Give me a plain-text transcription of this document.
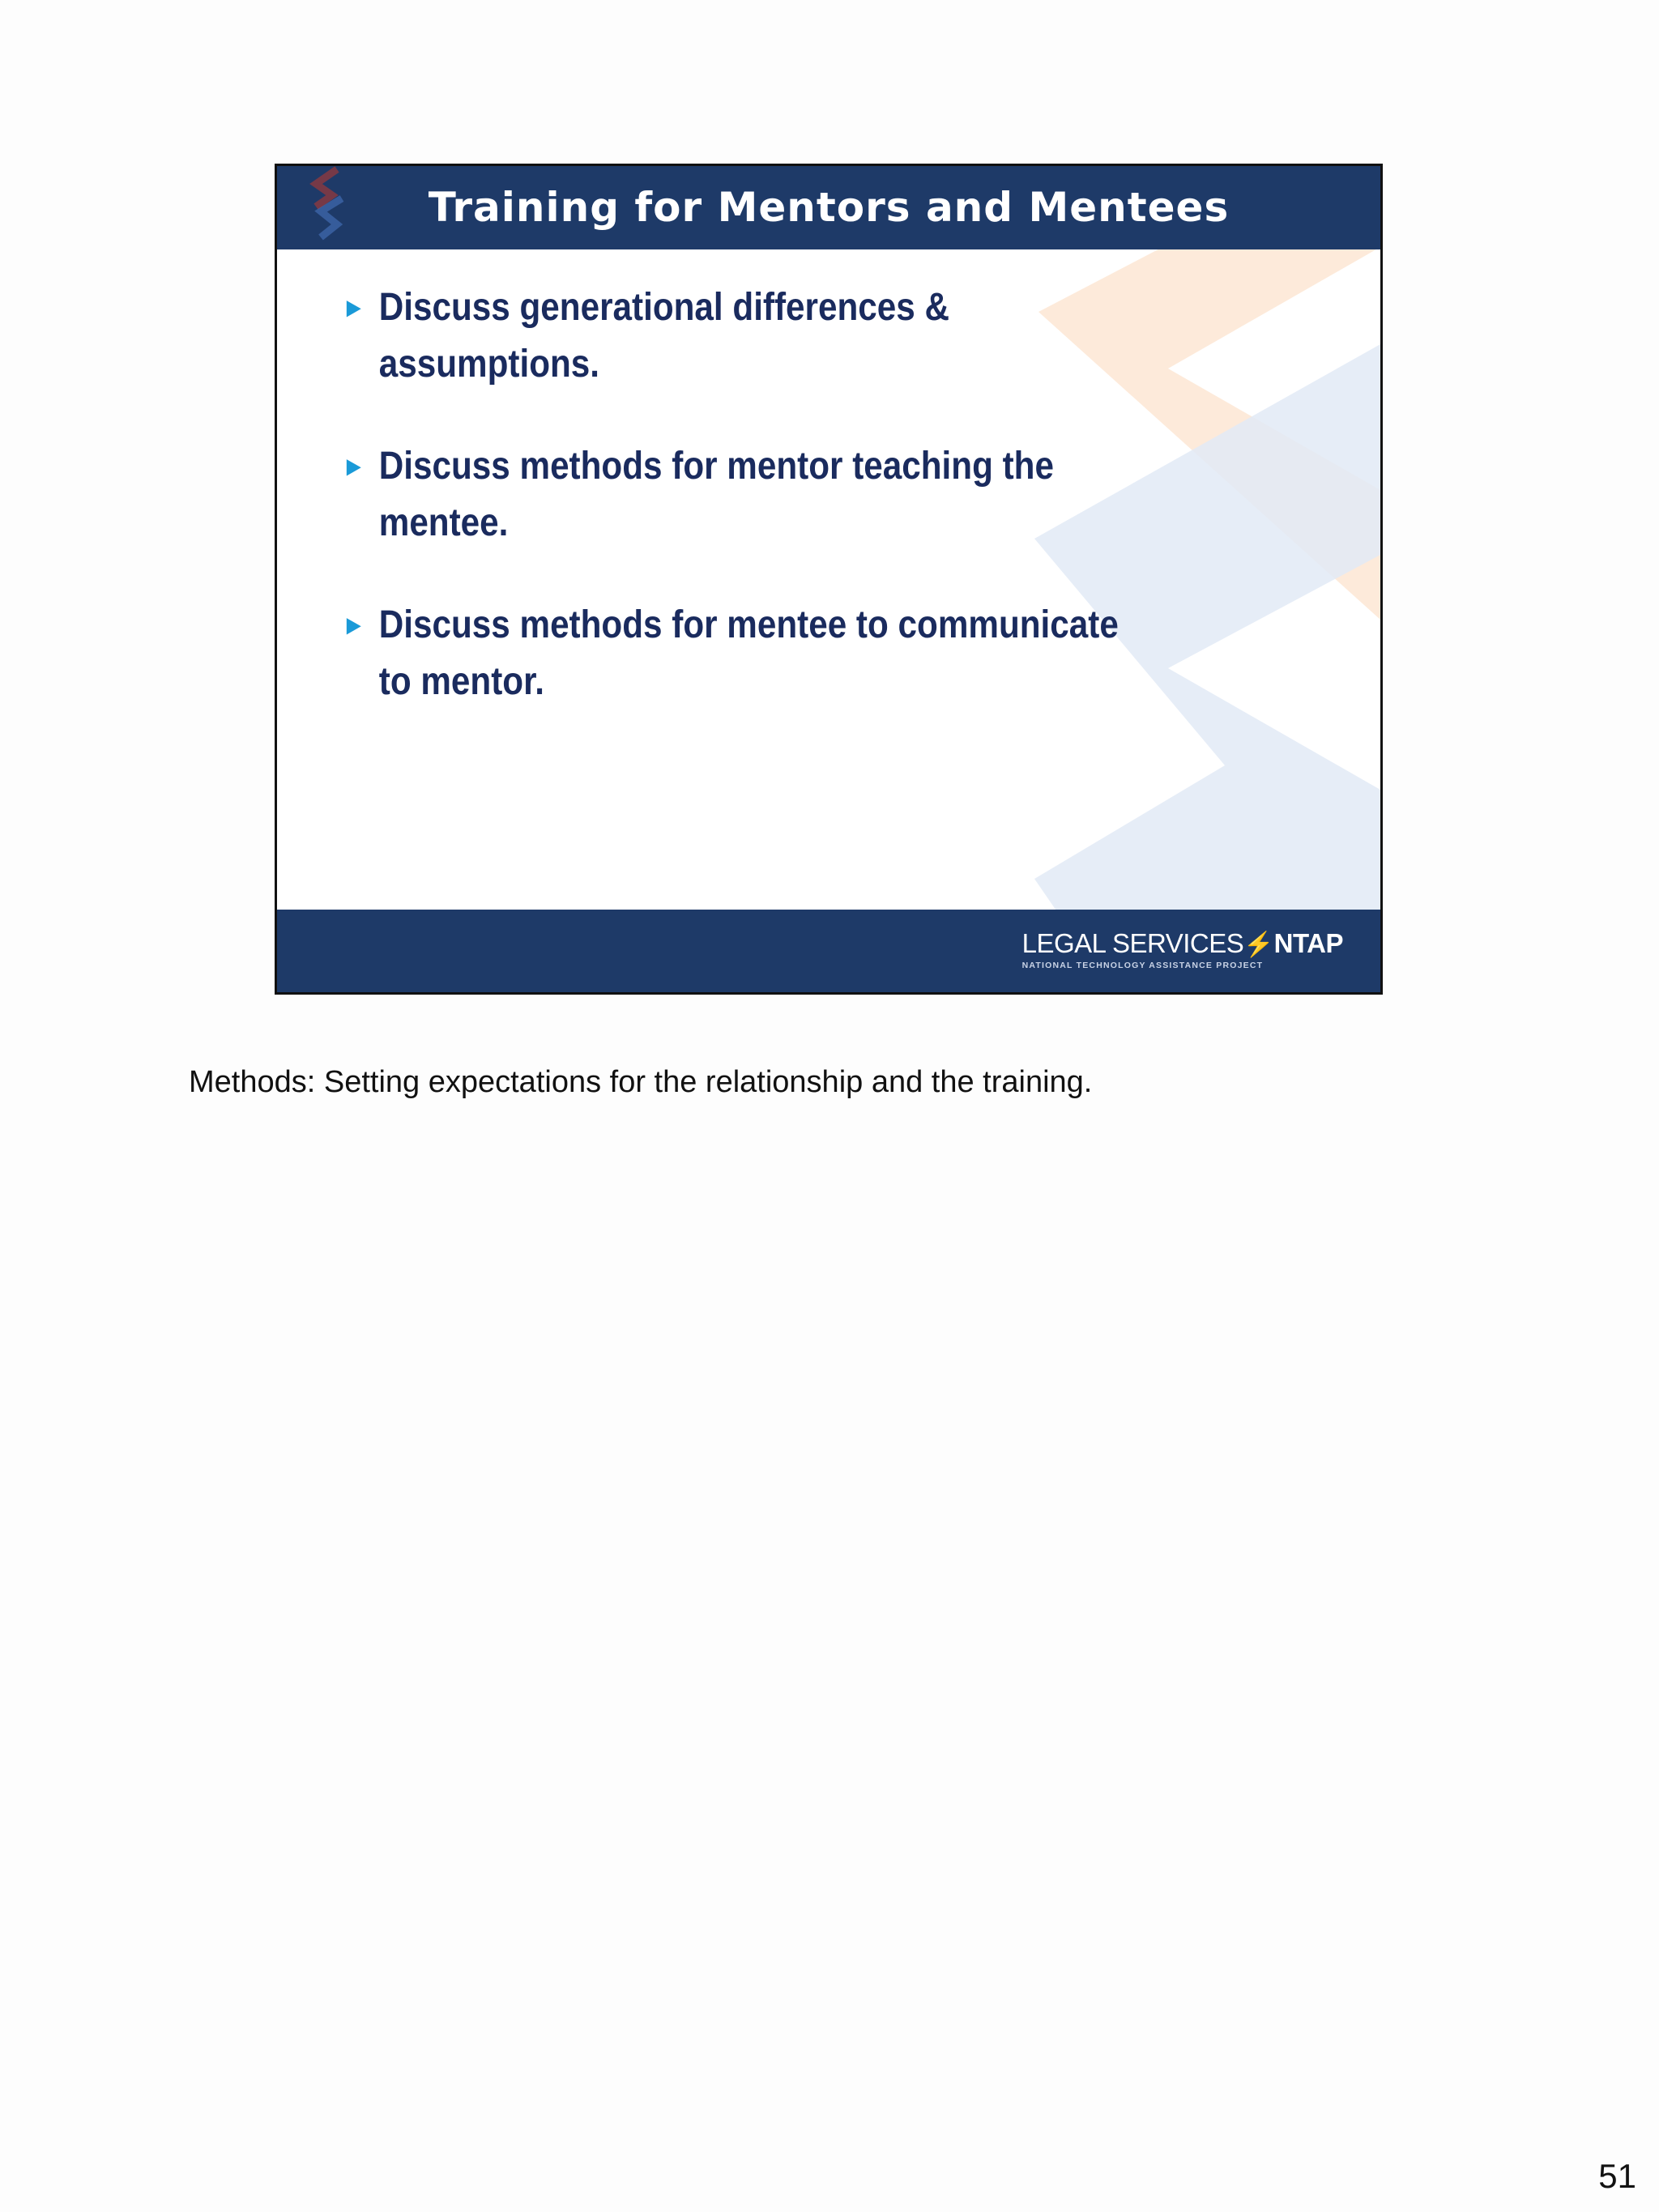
Training for Mentors and Mentees
► Discuss generational differences & assumptions.
► Discuss methods for mentor teaching the mentee.
► Discuss methods for mentee to communicate to mentor.
LEGAL SERVICES⚡NTAP
NATIONAL TECHNOLOGY ASSISTANCE PROJECT
Methods: Setting expectations for the relationship and the training.
51
